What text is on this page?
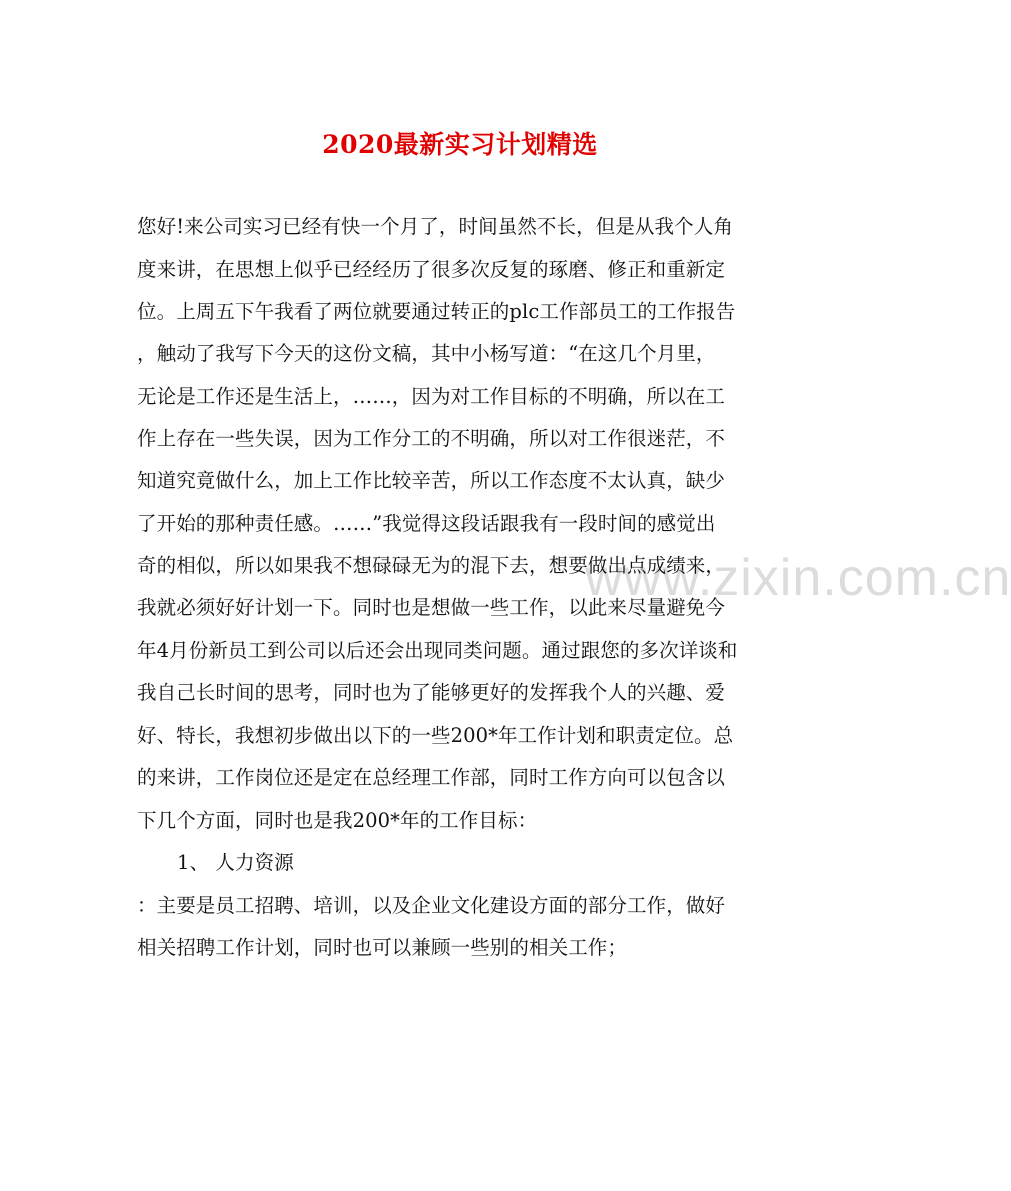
2020最新实习计划精选
www.zixin.com.cn
您好!来公司实习已经有快一个月了，时间虽然不长，但是从我个人角
度来讲，在思想上似乎已经经历了很多次反复的琢磨、修正和重新定
位。上周五下午我看了两位就要通过转正的plc工作部员工的工作报告
，触动了我写下今天的这份文稿，其中小杨写道：“在这几个月里，
无论是工作还是生活上，……，因为对工作目标的不明确，所以在工
作上存在一些失误，因为工作分工的不明确，所以对工作很迷茫，不
知道究竟做什么，加上工作比较辛苦，所以工作态度不太认真，缺少
了开始的那种责任感。……”我觉得这段话跟我有一段时间的感觉出
奇的相似，所以如果我不想碌碌无为的混下去，想要做出点成绩来，
我就必须好好计划一下。同时也是想做一些工作，以此来尽量避免今
年4月份新员工到公司以后还会出现同类问题。通过跟您的多次详谈和
我自己长时间的思考，同时也为了能够更好的发挥我个人的兴趣、爱
好、特长，我想初步做出以下的一些200*年工作计划和职责定位。总
的来讲，工作岗位还是定在总经理工作部，同时工作方向可以包含以
下几个方面，同时也是我200*年的工作目标：
1、 人力资源
：主要是员工招聘、培训，以及企业文化建设方面的部分工作，做好
相关招聘工作计划，同时也可以兼顾一些别的相关工作；
